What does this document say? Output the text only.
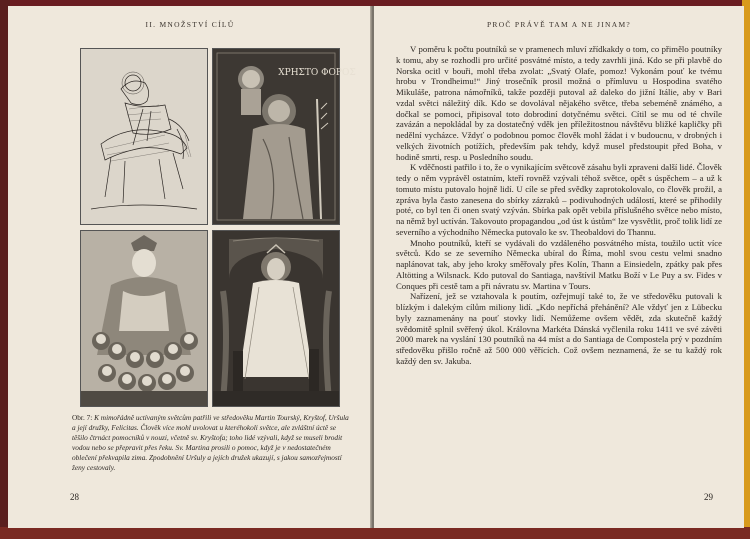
II. MNOŽSTVÍ CÍLŮ
ΧΡΗΣΤΟ ΦΟΡΟΣ
Obr. 7: K mimořádně uctívaným světcům patřili ve středověku Martin Tourský, Kryštof, Uršula a její družky, Felicitas. Člověk více mohl uvolovat u kteréhokoli světce, ale zvláštní úctě se těšilo čtrnáct pomocníků v nouzi, včetně sv. Kryštofa; toho lidé vzývali, když se museli brodit vodou nebo se přepravit přes řeku. Sv. Martina prosili o pomoc, když je v nedostatečném oblečení překvapila zima. Zpodobnění Uršuly a jejích družek ukazují, s jakou samozřejmostí ženy cestovaly.
28
PROČ PRÁVĚ TAM A NE JINAM?

V poměru k počtu poutníků se v pramenech mluví zřídkakdy o tom, co přimělo poutníky k tomu, aby se rozhodli pro určité posvátné místo, a tedy zavrhli jiná. Kdo se při plavbě do Norska ocitl v bouři, mohl třeba zvolat: „Svatý Olafe, pomoz! Vykonám pouť ke tvému hrobu v Trondheimu!“ Jiný trosečník prosil možná o přímluvu u Hospodina svatého Mikuláše, patrona námořníků, takže později putoval až daleko do jižní Itálie, aby v Bari vzdal světci náležitý dík. Kdo se dovolával nějakého světce, třeba sebeméně známého, a dočkal se pomoci, připisoval toto dobrodiní dotyčnému světci. Cítil se mu od té chvíle zavázán a nepokládal by za dostatečný vděk jen příležitostnou návštěvu bližké kapličky při nedělní vycházce. Vždyť o podobnou pomoc člověk mohl žádat i v budoucnu, v drobných i velkých životních potížích, především pak tehdy, když musel předstoupit před Boha, v hodině smrti, resp. u Posledního soudu.

K vděčnosti patřilo i to, že o vynikajícím světcově zásahu byli zpraveni další lidé. Člověk tedy o něm vyprávěl ostatním, kteří rovněž vzývali téhož světce, opět s úspěchem – a už k tomuto místu putovalo hojně lidí. U cíle se před svědky zaprotokolovalo, co člověk prožil, a zpráva byla často zanesena do sbírky zázraků – podivuhodných událostí, které se přihodily poté, co byl ten či onen svatý vzýván. Sbírka pak opět vebila příslušného světce nebo místo, na němž byl uctíván. Takovouto propagandou „od úst k ústům“ lze vysvětlit, proč tolik lidí ze severního a východního Německa putovalo ke sv. Theobaldovi do Thannu.

Mnoho poutníků, kteří se vydávali do vzdáleného posvátného místa, toužilo uctít více světců. Kdo se ze severního Německa ubíral do Říma, mohl svou cestu velmi snadno naplánovat tak, aby jeho kroky směřovaly přes Kolín, Thann a Einsiedeln, zpátky pak přes Altötting a Wilsnack. Kdo putoval do Santiaga, navštívil Matku Boží v Le Puy a sv. Fides v Conques při cestě tam a při návratu sv. Martina v Tours.

Nařízení, jež se vztahovala k poutím, ozřejmují také to, že ve středověku putovali k blízkým i dalekým cílům miliony lidí. „Kdo nepříchá přehánění? Ale vždyť jen z Lübecku byly zaznamenány na pouť stovky lidí. Nemůžeme ovšem vědět, zda skutečně každý svědomitě splnil svěřený úkol. Královna Markéta Dánská vyčlenila roku 1411 ve své závěti 2000 marek na vyslání 130 poutníků na 44 míst a do Santiaga de Compostela prý v pozdním středověku přišlo ročně až 500 000 věřících. Což ovšem neznamená, že se tu každý rok každý den sv. Jakuba.

29
